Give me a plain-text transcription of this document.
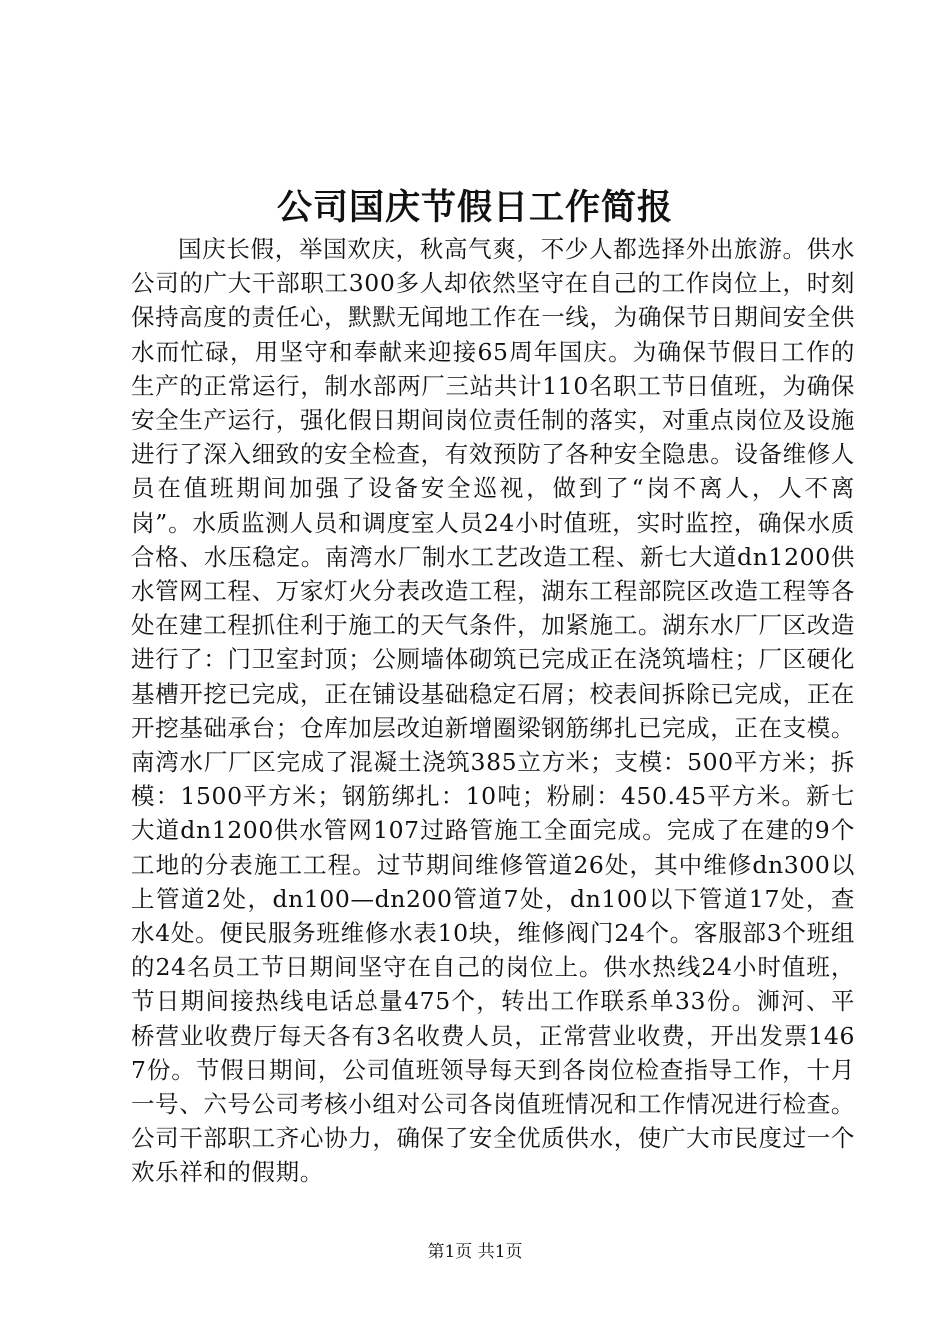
公司国庆节假日工作简报

国庆长假，举国欢庆，秋高气爽，不少人都选择外出旅游。供水公司的广大干部职工300多人却依然坚守在自己的工作岗位上，时刻保持高度的责任心，默默无闻地工作在一线，为确保节日期间安全供水而忙碌，用坚守和奉献来迎接65周年国庆。为确保节假日工作的生产的正常运行，制水部两厂三站共计110名职工节日值班，为确保安全生产运行，强化假日期间岗位责任制的落实，对重点岗位及设施进行了深入细致的安全检查，有效预防了各种安全隐患。设备维修人员在值班期间加强了设备安全巡视，做到了“岗不离人，人不离岗”。水质监测人员和调度室人员24小时值班，实时监控，确保水质合格、水压稳定。南湾水厂制水工艺改造工程、新七大道dn1200供水管网工程、万家灯火分表改造工程，湖东工程部院区改造工程等各处在建工程抓住利于施工的天气条件，加紧施工。湖东水厂厂区改造进行了：门卫室封顶；公厕墙体砌筑已完成正在浇筑墙柱；厂区硬化基槽开挖已完成，正在铺设基础稳定石屑；校表间拆除已完成，正在开挖基础承台；仓库加层改迫新增圈梁钢筋绑扎已完成，正在支模。南湾水厂厂区完成了混凝土浇筑385立方米；支模：500平方米；拆模：1500平方米；钢筋绑扎：10吨；粉刷：450.45平方米。新七大道dn1200供水管网107过路管施工全面完成。完成了在建的9个工地的分表施工工程。过节期间维修管道26处，其中维修dn300以上管道2处，dn100—dn200管道7处，dn100以下管道17处，查水4处。便民服务班维修水表10块，维修阀门24个。客服部3个班组的24名员工节日期间坚守在自己的岗位上。供水热线24小时值班，节日期间接热线电话总量475个，转出工作联系单33份。浉河、平桥营业收费厅每天各有3名收费人员，正常营业收费，开出发票1467份。节假日期间，公司值班领导每天到各岗位检查指导工作，十月一号、六号公司考核小组对公司各岗值班情况和工作情况进行检查。公司干部职工齐心协力，确保了安全优质供水，使广大市民度过一个欢乐祥和的假期。

第1页 共1页
